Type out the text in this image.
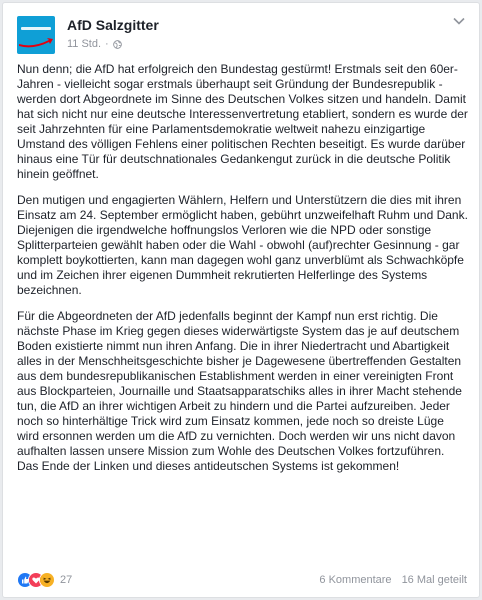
AfD Salzgitter
11 Std. ·

Nun denn; die AfD hat erfolgreich den Bundestag gestürmt! Erstmals seit den 60er-Jahren - vielleicht sogar erstmals überhaupt seit Gründung der Bundesrepublik - werden dort Abgeordnete im Sinne des Deutschen Volkes sitzen und handeln. Damit hat sich nicht nur eine deutsche Interessenvertretung etabliert, sondern es wurde der seit Jahrzehnten für eine Parlamentsdemokratie weltweit nahezu einzigartige Umstand des völligen Fehlens einer politischen Rechten beseitigt. Es wurde darüber hinaus eine Tür für deutschnationales Gedankengut zurück in die deutsche Politik hinein geöffnet.

Den mutigen und engagierten Wählern, Helfern und Unterstützern die dies mit ihren Einsatz am 24. September ermöglicht haben, gebührt unzweifelhaft Ruhm und Dank. Diejenigen die irgendwelche hoffnungslos Verloren wie die NPD oder sonstige Splitterparteien gewählt haben oder die Wahl - obwohl (auf)rechter Gesinnung - gar komplett boykottierten, kann man dagegen wohl ganz unverblümt als Schwachköpfe und im Zeichen ihrer eigenen Dummheit rekrutierten Helferlinge des Systems bezeichnen.

Für die Abgeordneten der AfD jedenfalls beginnt der Kampf nun erst richtig. Die nächste Phase im Krieg gegen dieses widerwärtigste System das je auf deutschem Boden existierte nimmt nun ihren Anfang. Die in ihrer Niedertracht und Abartigkeit alles in der Menschheitsgeschichte bisher je Dagewesene übertreffenden Gestalten aus dem bundesrepublikanischen Establishment werden in einer vereinigten Front aus Blockparteien, Journaille und Staatsapparatschiks alles in ihrer Macht stehende tun, die AfD an ihrer wichtigen Arbeit zu hindern und die Partei aufzureiben. Jeder noch so hinterhältige Trick wird zum Einsatz kommen, jede noch so dreiste Lüge wird ersonnen werden um die AfD zu vernichten. Doch werden wir uns nicht davon aufhalten lassen unsere Mission zum Wohle des Deutschen Volkes fortzuführen. Das Ende der Linken und dieses antideutschen Systems ist gekommen!

27	6 Kommentare 16 Mal geteilt
